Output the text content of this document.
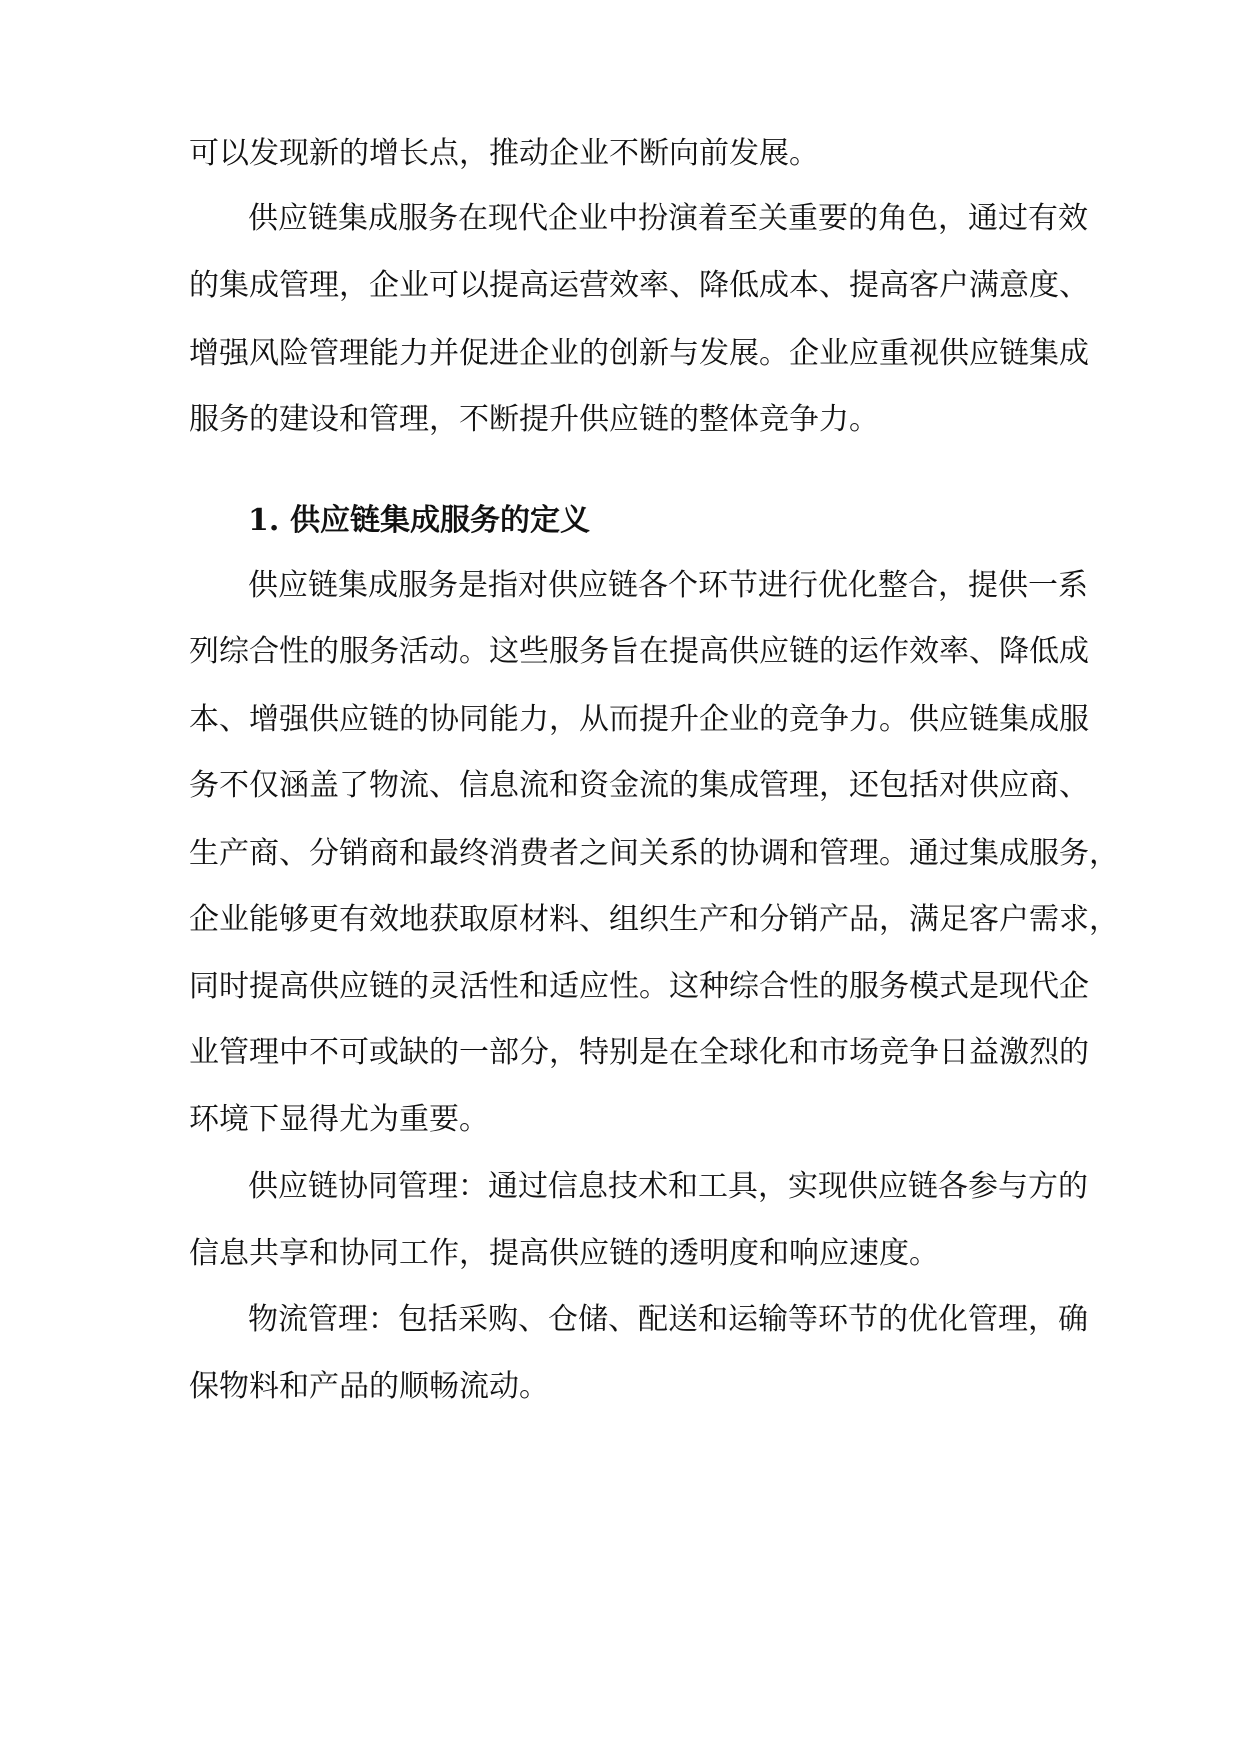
可以发现新的增长点，推动企业不断向前发展。
供应链集成服务在现代企业中扮演着至关重要的角色，通过有效
的集成管理，企业可以提高运营效率、降低成本、提高客户满意度、
增强风险管理能力并促进企业的创新与发展。企业应重视供应链集成
服务的建设和管理，不断提升供应链的整体竞争力。
1. 供应链集成服务的定义
供应链集成服务是指对供应链各个环节进行优化整合，提供一系
列综合性的服务活动。这些服务旨在提高供应链的运作效率、降低成
本、增强供应链的协同能力，从而提升企业的竞争力。供应链集成服
务不仅涵盖了物流、信息流和资金流的集成管理，还包括对供应商、
生产商、分销商和最终消费者之间关系的协调和管理。通过集成服务，
企业能够更有效地获取原材料、组织生产和分销产品，满足客户需求，
同时提高供应链的灵活性和适应性。这种综合性的服务模式是现代企
业管理中不可或缺的一部分，特别是在全球化和市场竞争日益激烈的
环境下显得尤为重要。
供应链协同管理：通过信息技术和工具，实现供应链各参与方的
信息共享和协同工作，提高供应链的透明度和响应速度。
物流管理：包括采购、仓储、配送和运输等环节的优化管理，确
保物料和产品的顺畅流动。
